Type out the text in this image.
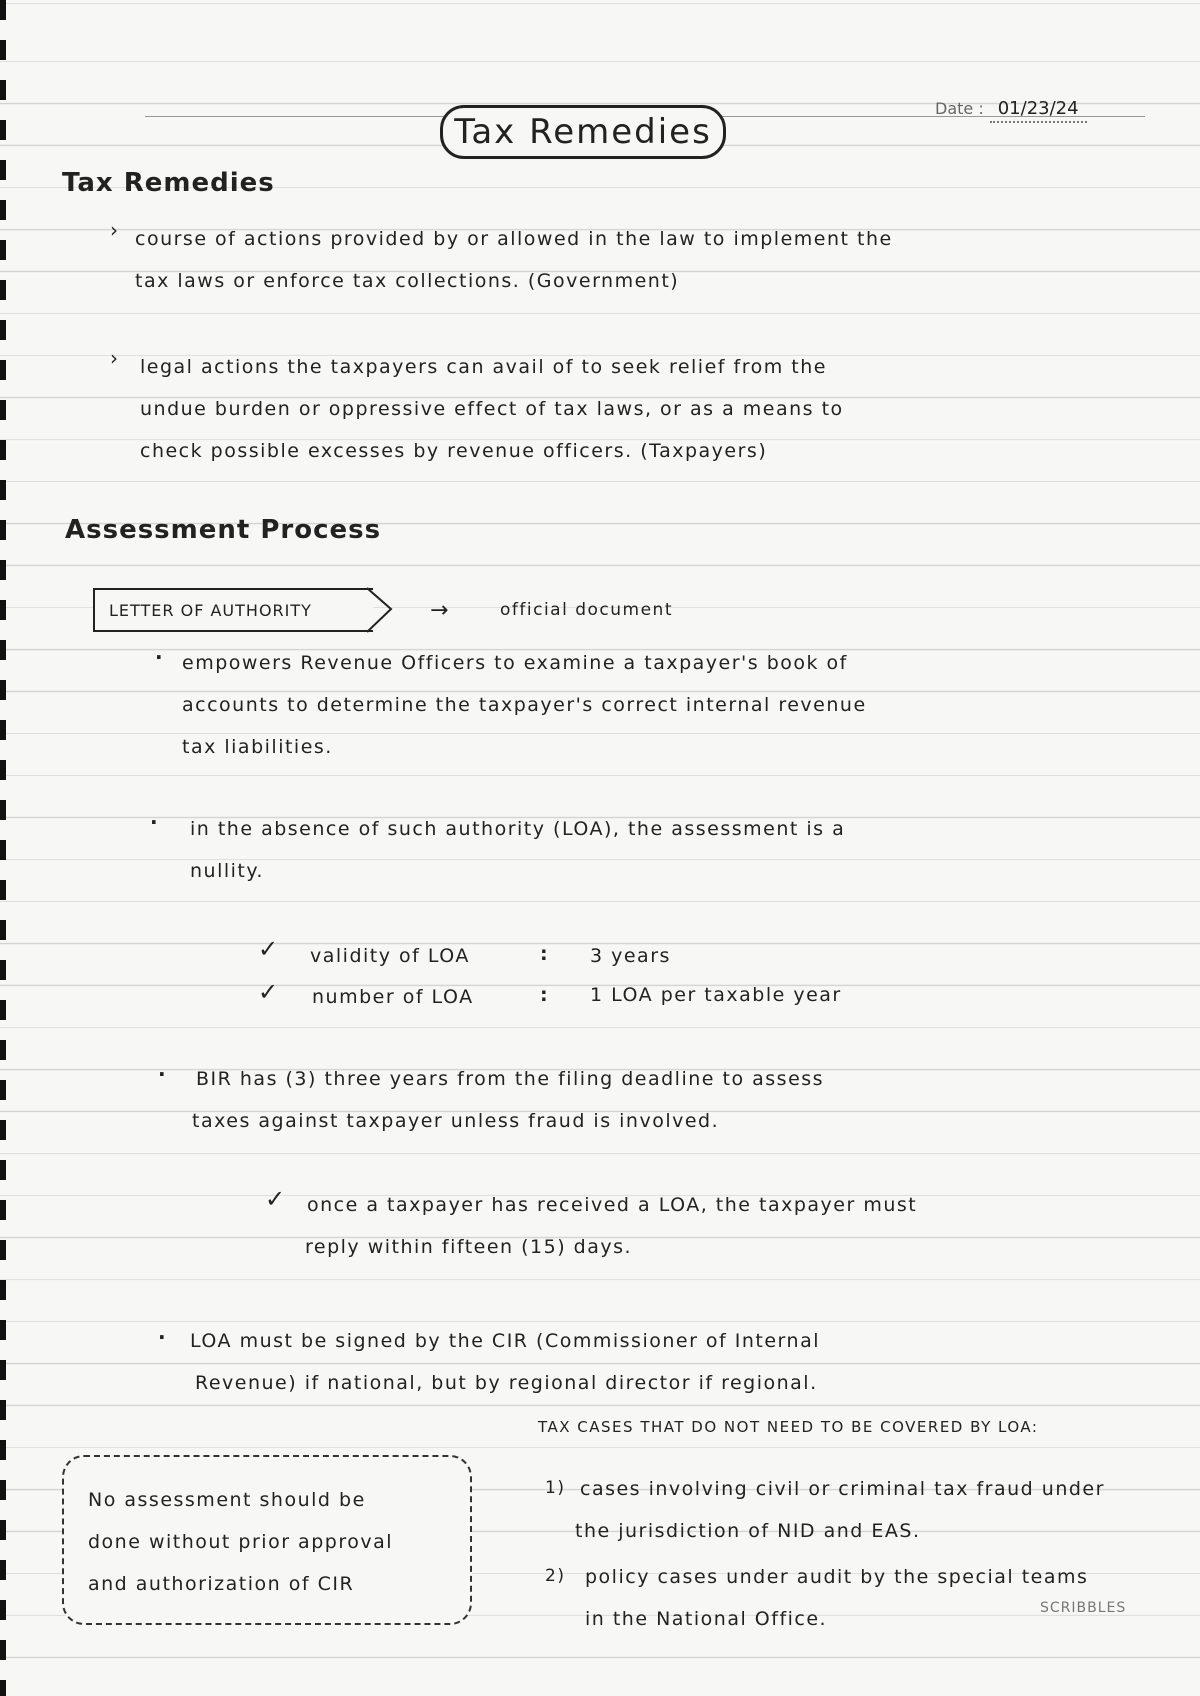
Tax Remedies
Date : 01/23/24
Tax Remedies
› course of actions provided by or allowed in the law to implement the
tax laws or enforce tax collections. (Government)
› legal actions the taxpayers can avail of to seek relief from the
undue burden or oppressive effect of tax laws, or as a means to
check possible excesses by revenue officers. (Taxpayers)
Assessment Process
LETTER OF AUTHORITY	→	official document
· empowers Revenue Officers to examine a taxpayer's book of
accounts to determine the taxpayer's correct internal revenue
tax liabilities.
· in the absence of such authority (LOA), the assessment is a
nullity.
✓ validity of LOA	: 3 years
✓ number of LOA	: 1 LOA per taxable year
· BIR has (3) three years from the filing deadline to assess
taxes against taxpayer unless fraud is involved.
✓ once a taxpayer has received a LOA, the taxpayer must
reply within fifteen (15) days.
· LOA must be signed by the CIR (Commissioner of Internal
Revenue) if national, but by regional director if regional.
TAX CASES THAT DO NOT NEED TO BE COVERED BY LOA:
1) cases involving civil or criminal tax fraud under
the jurisdiction of NID and EAS.
2) policy cases under audit by the special teams
in the National Office.
No assessment should be
done without prior approval
and authorization of CIR
SCRIBBLES
